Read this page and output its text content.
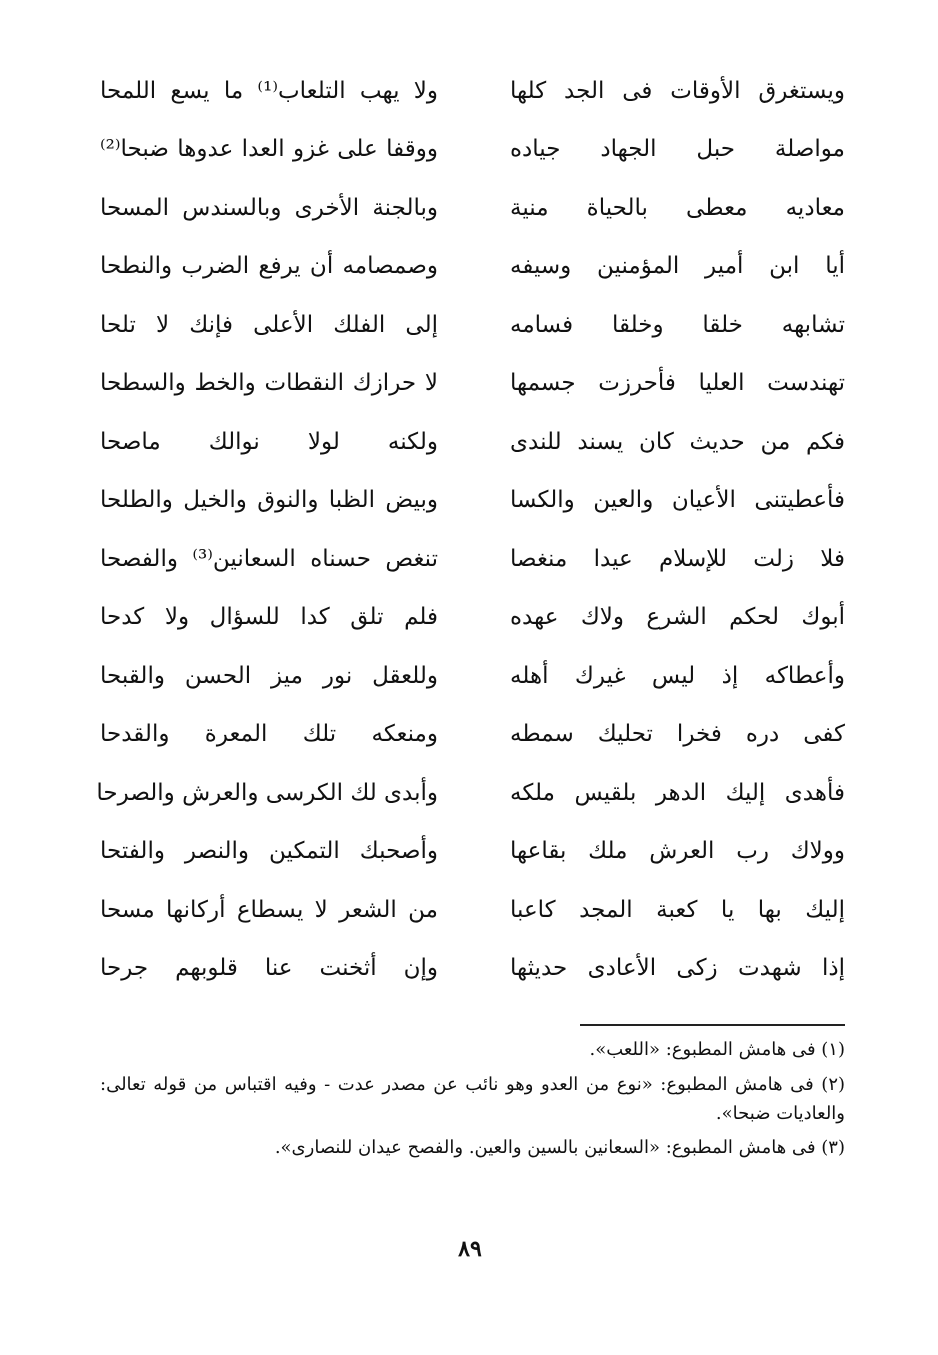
ويستغرق الأوقات فى الجد كلها
ولا يهب التلعاب⁽¹⁾ ما يسع اللمحا
مواصلة حبل الجهاد جياده
ووقفا على غزو العدا عدوها ضبحا⁽²⁾
معاديه معطى بالحياة منية
وبالجنة الأخرى وبالسندس المسحا
أيا ابن أمير المؤمنين وسيفه
وصمصامه أن يرفع الضرب والنطحا
تشابهه خلقا وخلقا فسامه
إلى الفلك الأعلى فإنك لا تلحا
تهندست العليا فأحرزت جسمها
لا حرازك النقطات والخط والسطحا
فكم من حديث كان يسند للندى
ولكنه لولا نوالك ماصحا
فأعطيتنى الأعيان والعين والكسا
وبيض الظبا والنوق والخيل والطلحا
فلا زلت للإسلام عيدا منغصا
تنغص حسناه السعانين⁽³⁾ والفصحا
أبوك لحكم الشرع ولاك عهده
فلم تلق كدا للسؤال ولا كدحا
وأعطاكه إذ ليس غيرك أهله
وللعقل نور ميز الحسن والقبحا
كفى دره فخرا تحليك سمطه
ومنعكه تلك المعرة والقدحا
فأهدى إليك الدهر بلقيس ملكه
وأبدى لك الكرسى والعرش والصرحا
وولاك رب العرش ملك بقاعها
وأصحبك التمكين والنصر والفتحا
إليك بها يا كعبة المجد كاعبا
من الشعر لا يسطاع أركانها مسحا
إذا شهدت زكى الأعادى حديثها
وإن أثخنت عنا قلوبهم جرحا

(١) فى هامش المطبوع: «اللعب».

(٢) فى هامش المطبوع: «نوع من العدو وهو نائب عن مصدر عدت - وفيه اقتباس من قوله تعالى: والعاديات ضبحا».

(٣) فى هامش المطبوع: «السعانين بالسين والعين. والفصح عيدان للنصارى».

٨٩
